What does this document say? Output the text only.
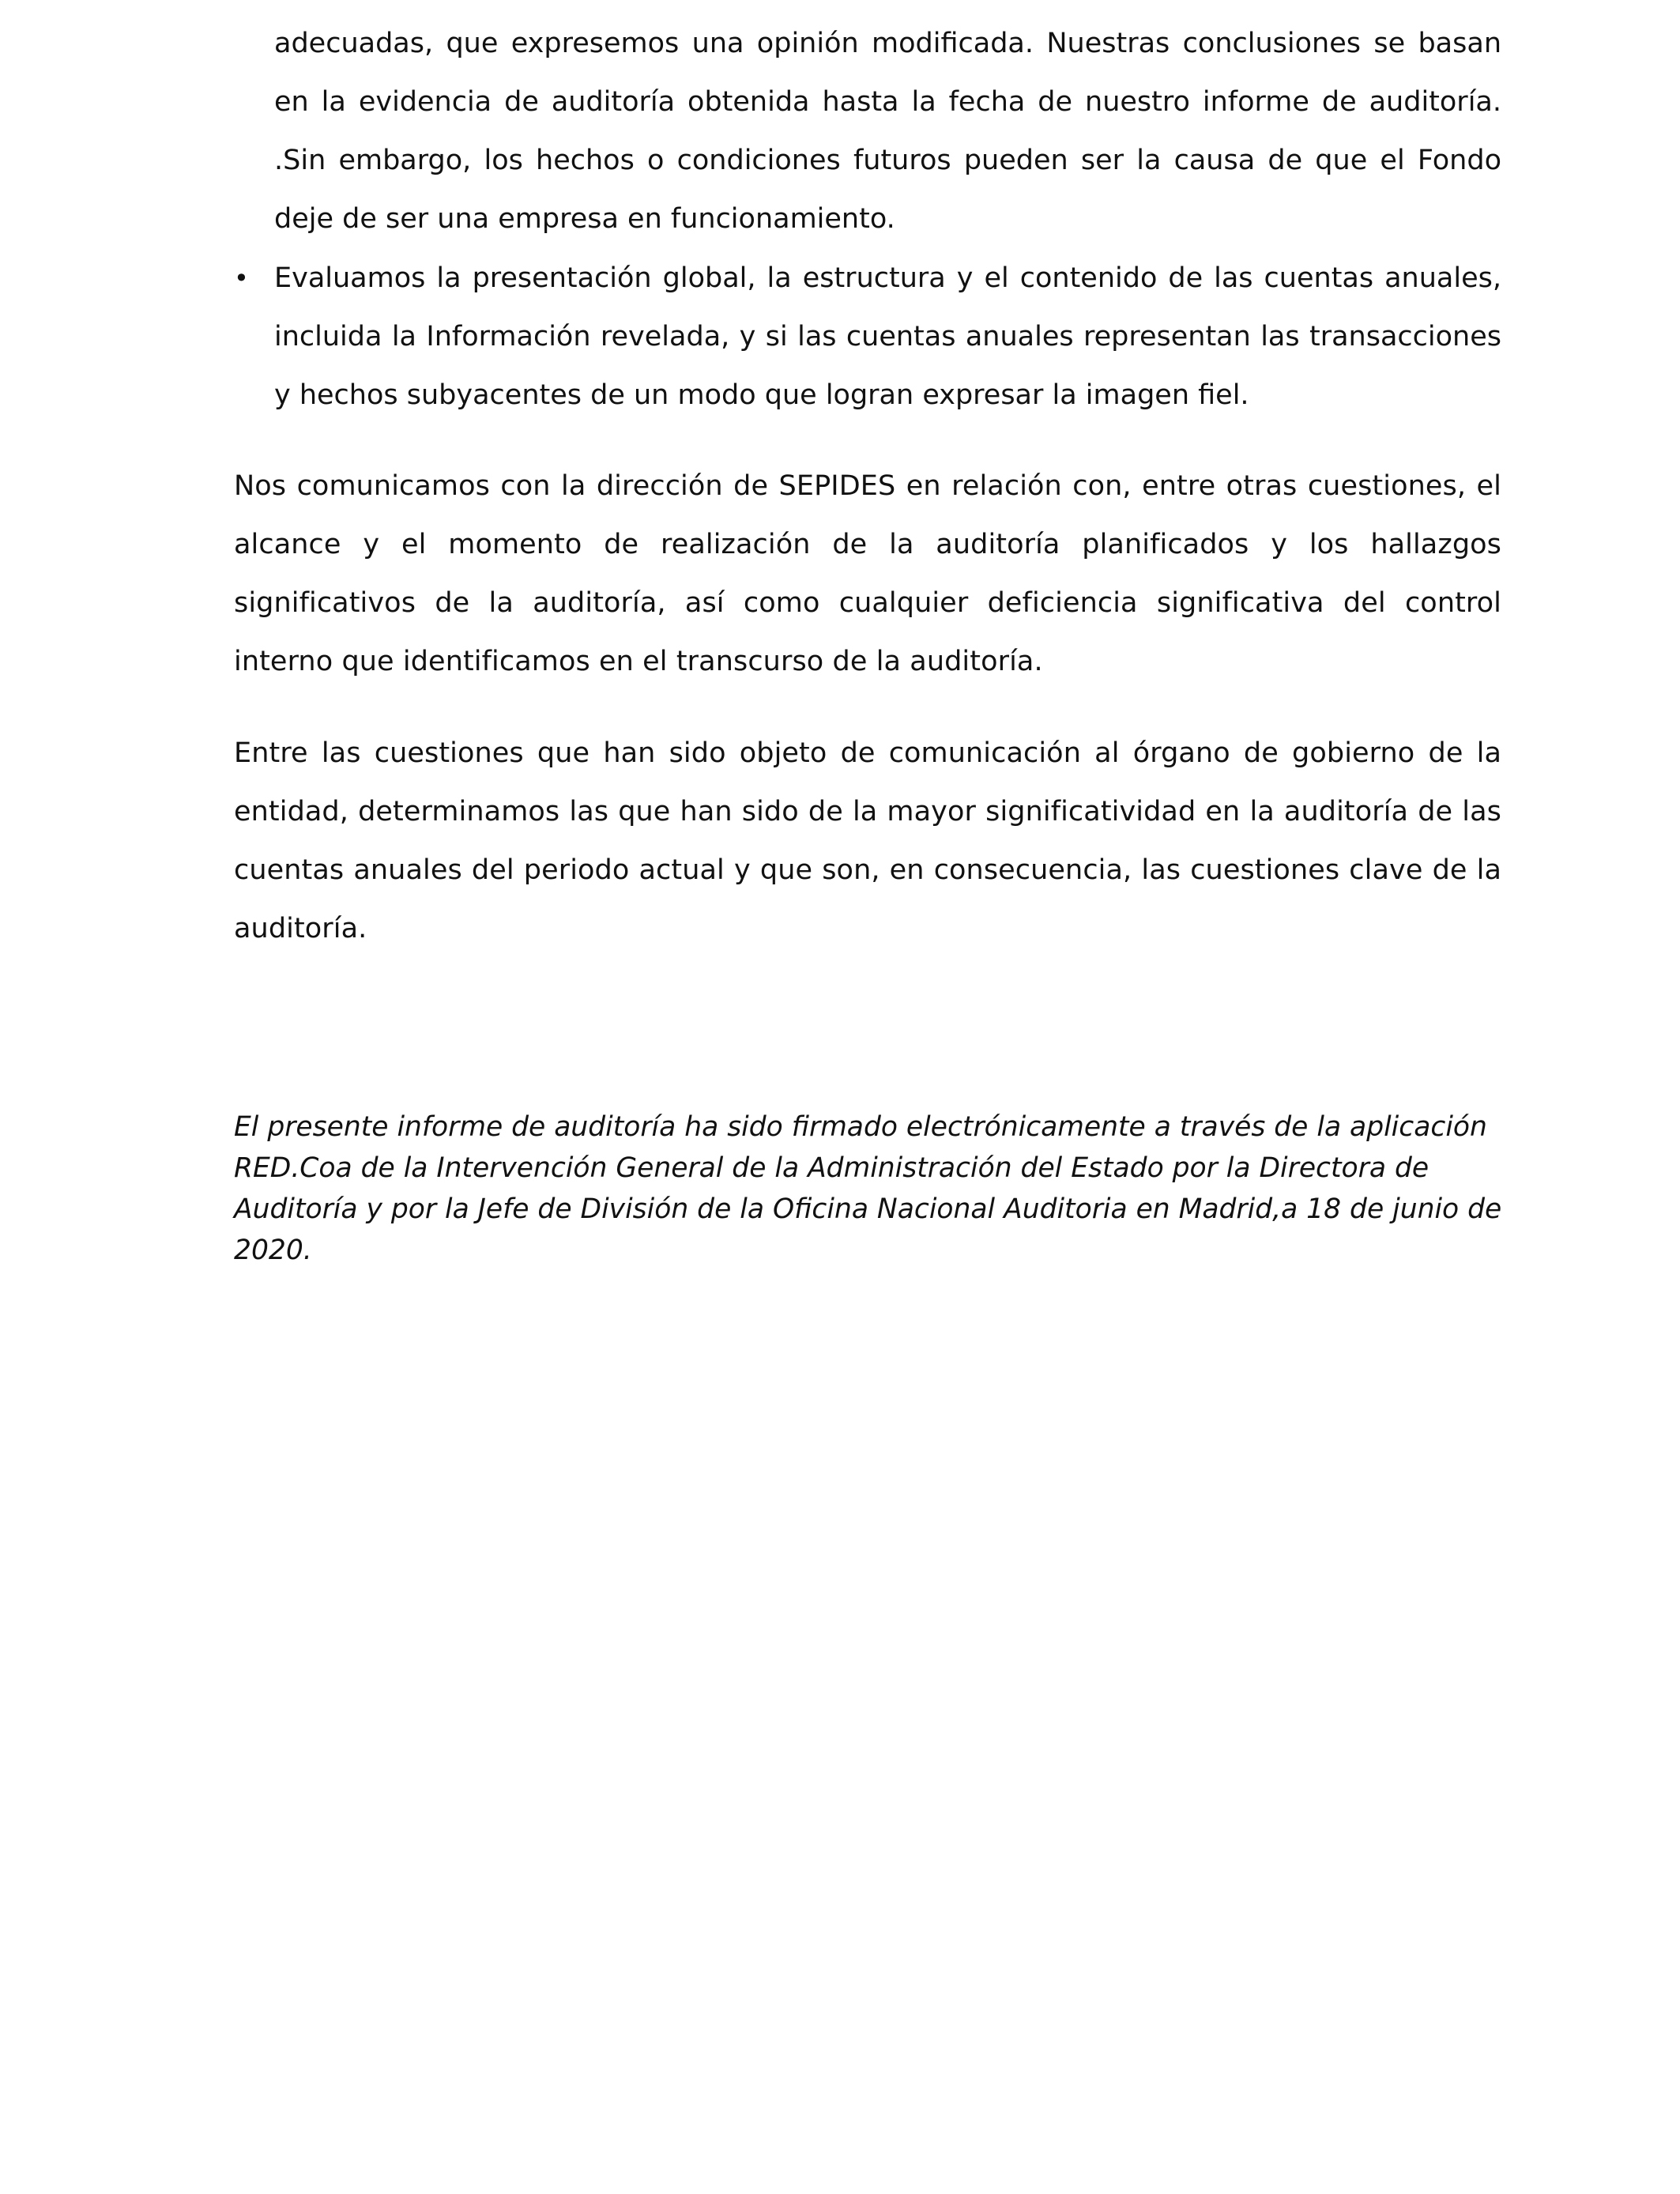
adecuadas, que expresemos una opinión modificada. Nuestras conclusiones se basan en la evidencia de auditoría obtenida hasta la fecha de nuestro informe de auditoría. .Sin embargo, los hechos o condiciones futuros pueden ser la causa de que el Fondo deje de ser una empresa en funcionamiento.
• Evaluamos la presentación global, la estructura y el contenido de las cuentas anuales, incluida la Información revelada, y si las cuentas anuales representan las transacciones y hechos subyacentes de un modo que logran expresar la imagen fiel.

Nos comunicamos con la dirección de SEPIDES en relación con, entre otras cuestiones, el alcance y el momento de realización de la auditoría planificados y los hallazgos significativos de la auditoría, así como cualquier deficiencia significativa del control interno que identificamos en el transcurso de la auditoría.

Entre las cuestiones que han sido objeto de comunicación al órgano de gobierno de la entidad, determinamos las que han sido de la mayor significatividad en la auditoría de las cuentas anuales del periodo actual y que son, en consecuencia, las cuestiones clave de la auditoría.

El presente informe de auditoría ha sido firmado electrónicamente a través de la aplicación RED.Coa de la Intervención General de la Administración del Estado por la Directora de Auditoría y por la Jefe de División de la Oficina Nacional Auditoria en Madrid,a 18 de junio de 2020.
